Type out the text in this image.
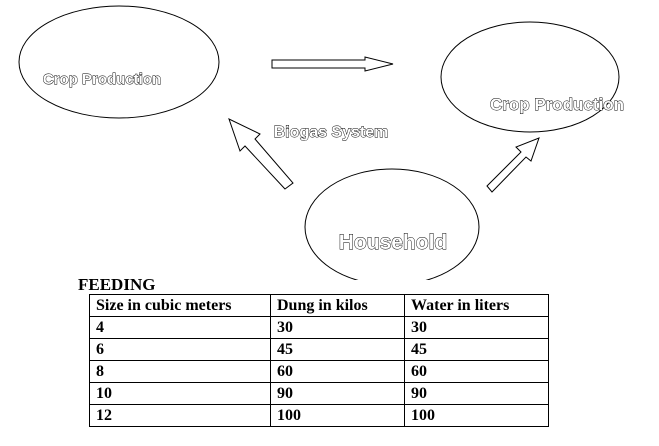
Crop Production
Crop Production
Household
Biogas System
FEEDING
Size in cubic meters	Dung in kilos	Water in liters
4	30	30
6	45	45
8	60	60
10	90	90
12	100	100
